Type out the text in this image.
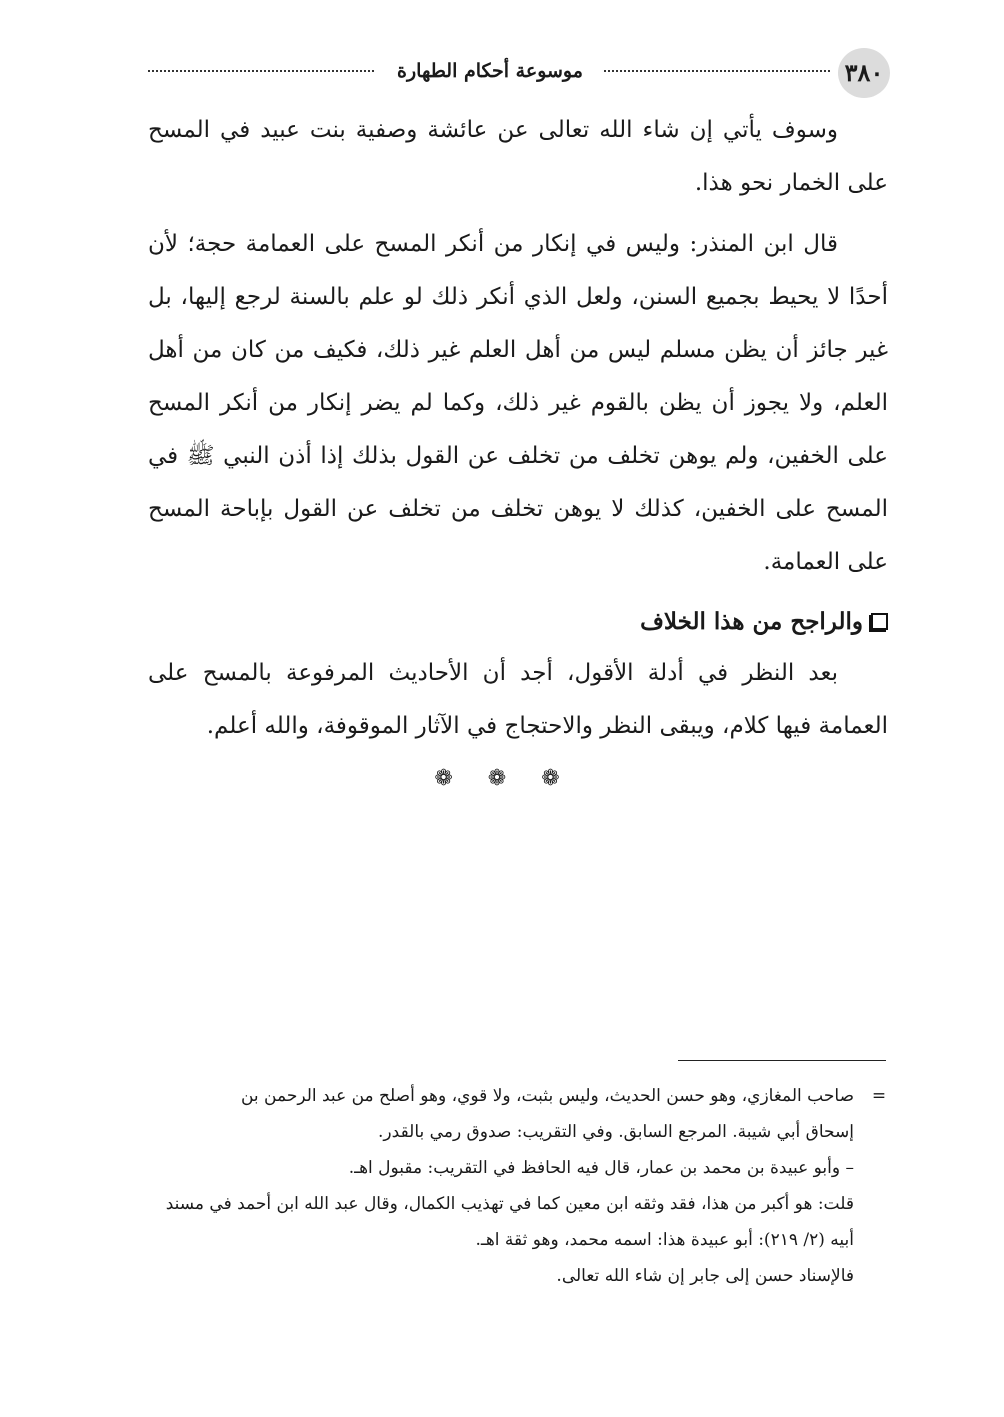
٣٨٠
موسوعة أحكام الطهارة

وسوف يأتي إن شاء الله تعالى عن عائشة وصفية بنت عبيد في المسح على الخمار نحو هذا.

قال ابن المنذر: وليس في إنكار من أنكر المسح على العمامة حجة؛ لأن أحدًا لا يحيط بجميع السنن، ولعل الذي أنكر ذلك لو علم بالسنة لرجع إليها، بل غير جائز أن يظن مسلم ليس من أهل العلم غير ذلك، فكيف من كان من أهل العلم، ولا يجوز أن يظن بالقوم غير ذلك، وكما لم يضر إنكار من أنكر المسح على الخفين، ولم يوهن تخلف من تخلف عن القول بذلك إذا أذن النبي ﷺ في المسح على الخفين، كذلك لا يوهن تخلف من تخلف عن القول بإباحة المسح على العمامة.

والراجح من هذا الخلاف

بعد النظر في أدلة الأقول، أجد أن الأحاديث المرفوعة بالمسح على العمامة فيها كلام، ويبقى النظر والاحتجاج في الآثار الموقوفة، والله أعلم.

❁ ❁ ❁
=
صاحب المغازي، وهو حسن الحديث، وليس بثبت، ولا قوي، وهو أصلح من عبد الرحمن بن
إسحاق أبي شيبة. المرجع السابق. وفي التقريب: صدوق رمي بالقدر.
– وأبو عبيدة بن محمد بن عمار، قال فيه الحافظ في التقريب: مقبول اهـ.
قلت: هو أكبر من هذا، فقد وثقه ابن معين كما في تهذيب الكمال، وقال عبد الله ابن أحمد في مسند
أبيه (٢/ ٢١٩): أبو عبيدة هذا: اسمه محمد، وهو ثقة اهـ.
فالإسناد حسن إلى جابر إن شاء الله تعالى.
